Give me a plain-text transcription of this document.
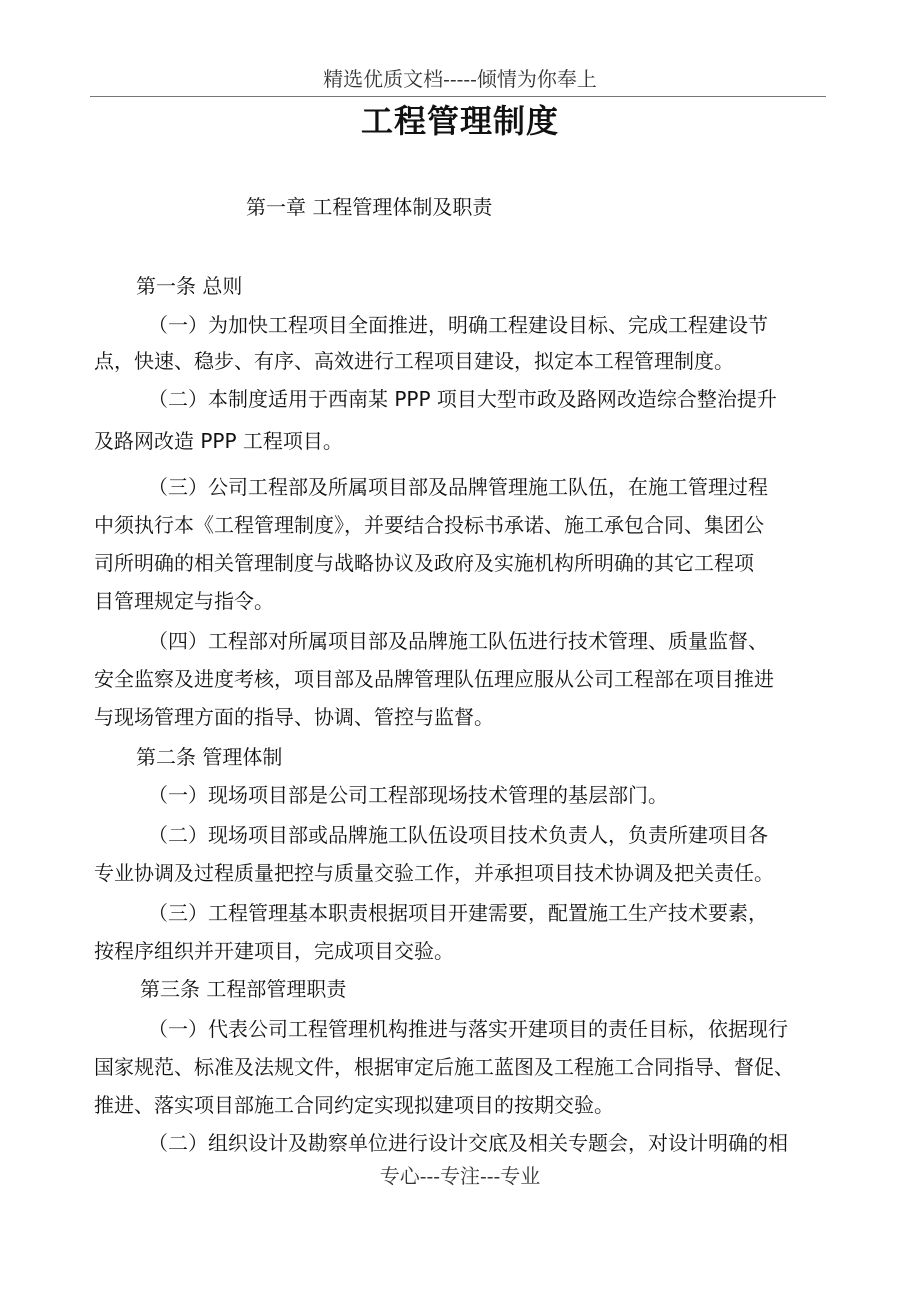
精选优质文档-----倾情为你奉上
工程管理制度
第一章 工程管理体制及职责
第一条 总则
（一）为加快工程项目全面推进，明确工程建设目标、完成工程建设节
点，快速、稳步、有序、高效进行工程项目建设，拟定本工程管理制度。
（二）本制度适用于西南某 PPP 项目大型市政及路网改造综合整治提升
及路网改造 PPP 工程项目。
（三）公司工程部及所属项目部及品牌管理施工队伍，在施工管理过程
中须执行本《工程管理制度》，并要结合投标书承诺、施工承包合同、集团公
司所明确的相关管理制度与战略协议及政府及实施机构所明确的其它工程项
目管理规定与指令。
（四）工程部对所属项目部及品牌施工队伍进行技术管理、质量监督、
安全监察及进度考核，项目部及品牌管理队伍理应服从公司工程部在项目推进
与现场管理方面的指导、协调、管控与监督。
第二条 管理体制
（一）现场项目部是公司工程部现场技术管理的基层部门。
（二）现场项目部或品牌施工队伍设项目技术负责人，负责所建项目各
专业协调及过程质量把控与质量交验工作，并承担项目技术协调及把关责任。
（三）工程管理基本职责根据项目开建需要，配置施工生产技术要素，
按程序组织并开建项目，完成项目交验。
第三条 工程部管理职责
（一）代表公司工程管理机构推进与落实开建项目的责任目标，依据现行
国家规范、标准及法规文件，根据审定后施工蓝图及工程施工合同指导、督促、
推进、落实项目部施工合同约定实现拟建项目的按期交验。
（二）组织设计及勘察单位进行设计交底及相关专题会，对设计明确的相
专心---专注---专业
